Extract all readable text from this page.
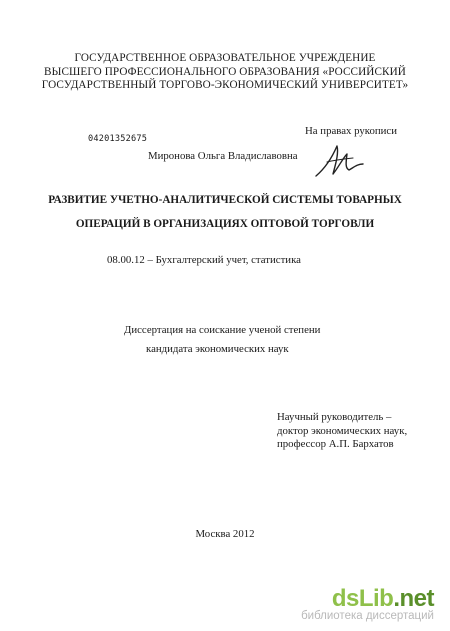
ГОСУДАРСТВЕННОЕ ОБРАЗОВАТЕЛЬНОЕ УЧРЕЖДЕНИЕ
ВЫСШЕГО ПРОФЕССИОНАЛЬНОГО ОБРАЗОВАНИЯ «РОССИЙСКИЙ
ГОСУДАРСТВЕННЫЙ ТОРГОВО-ЭКОНОМИЧЕСКИЙ УНИВЕРСИТЕТ»
04201352675
На правах рукописи
Миронова Ольга Владиславовна
РАЗВИТИЕ УЧЕТНО-АНАЛИТИЧЕСКОЙ СИСТЕМЫ ТОВАРНЫХ
ОПЕРАЦИЙ В ОРГАНИЗАЦИЯХ ОПТОВОЙ ТОРГОВЛИ
08.00.12 – Бухгалтерский учет, статистика
Диссертация на соискание ученой степени
кандидата экономических наук
Научный руководитель –
доктор экономических наук,
профессор А.П. Бархатов
Москва 2012
dsLib.net
библиотека диссертаций
